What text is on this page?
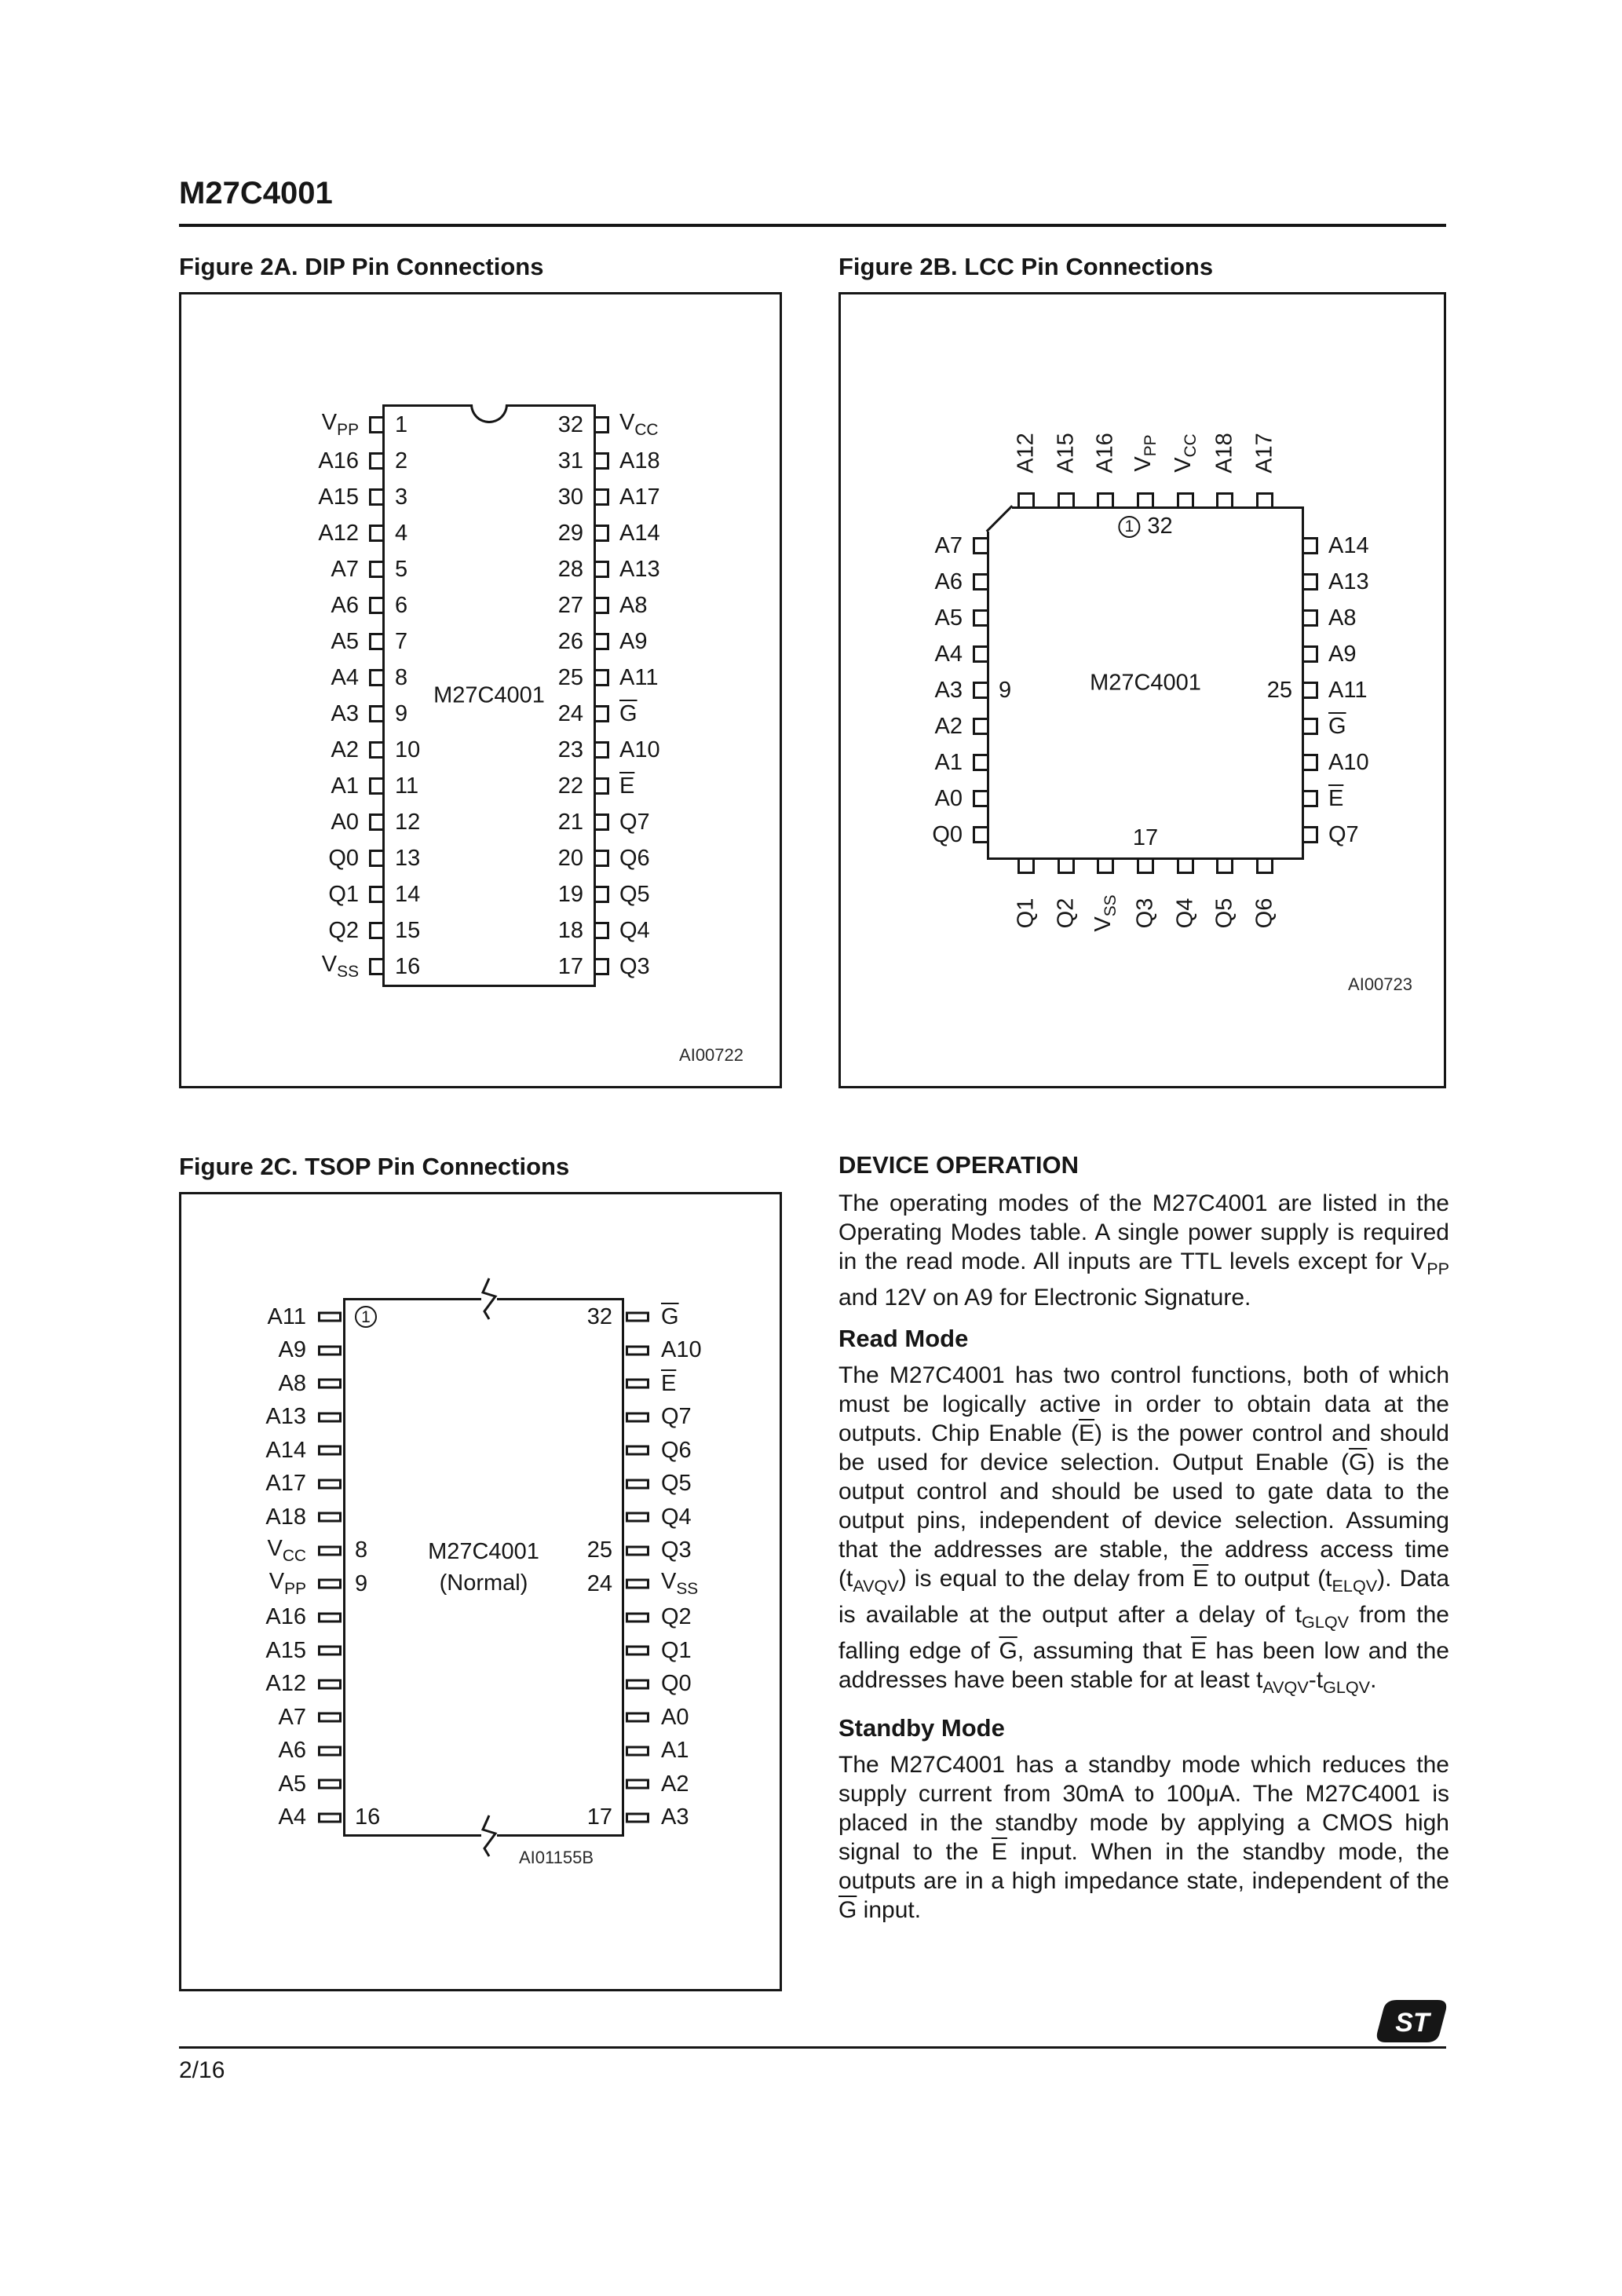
M27C4001
Figure 2A. DIP Pin Connections	Figure 2B. LCC Pin Connections
Figure 2C. TSOP Pin Connections
M27C4001
$V_{PP}$	1	32	$V_{CC}$
A16	2	31	A18
A15	3	30	A17
A12	4	29	A14
A7	5	28	A13
A6	6	27	A8
A5	7	26	A9
A4	8	25	A11
A3	9	24	$\overline{G}$
A2	10	23	A10
A1	11	22	$\overline{E}$
A0	12	21	Q7
Q0	13	20	Q6
Q1	14	19	Q5
Q2	15	18	Q4
$V_{SS}$	16	17	Q3
AI00722
A12 A15 A16 $V_{PP}$
$V_{CC}$ A18 A17
1 32
A7	A14
A6	A13
A5	A8
A4	A9
A3	9	25	A11
A2	$\overline{G}$
A1	A10
A0	$\overline{E}$
Q0	Q7
17
M27C4001
Q1 Q2 $V_{SS}$ Q3 Q4 Q5 Q6
AI00723
M27C4001
(Normal)
A11	1	32	$\overline{G}$
A9	A10
A8	$\overline{E}$
A13	Q7
A14	Q6
A17	Q5
A18	Q4
$V_{CC}$	8	25	Q3
$V_{PP}$	9	24	$V_{SS}$
A16	Q2
A15	Q1
A12	Q0
A7	A0
A6	A1
A5	A2
A4	16	17	A3
AI01155B
DEVICE OPERATION

The operating modes of the M27C4001 are listed in the Operating Modes table. A single power supply is required in the read mode. All inputs are TTL levels except for $V_{PP}$ and 12V on A9 for Electronic Signature.

Read Mode

The M27C4001 has two control functions, both of which must be logically active in order to obtain data at the outputs. Chip Enable $(\overline{E})$ is the power control and should be used for device selection. Output Enable $(\overline{G})$ is the output control and should be used to gate data to the output pins, independent of device selection. Assuming that the addresses are stable, the address access time $(t_{AVQV})$ is equal to the delay from $\overline{E}$ to output $(t_{ELQV})$. Data is available at the output after a delay of $t_{GLQV}$ from the falling edge of $\overline{G}$, assuming that $\overline{E}$ has been low and the addresses have been stable for at least $t_{AVQV}-t_{GLQV}$.

Standby Mode

The M27C4001 has a standby mode which reduces the supply current from 30mA to 100μA. The M27C4001 is placed in the standby mode by applying a CMOS high signal to the $\overline{E}$ input. When in the standby mode, the outputs are in a high impedance state, independent of the $\overline{G}$ input.

2/16
ST
